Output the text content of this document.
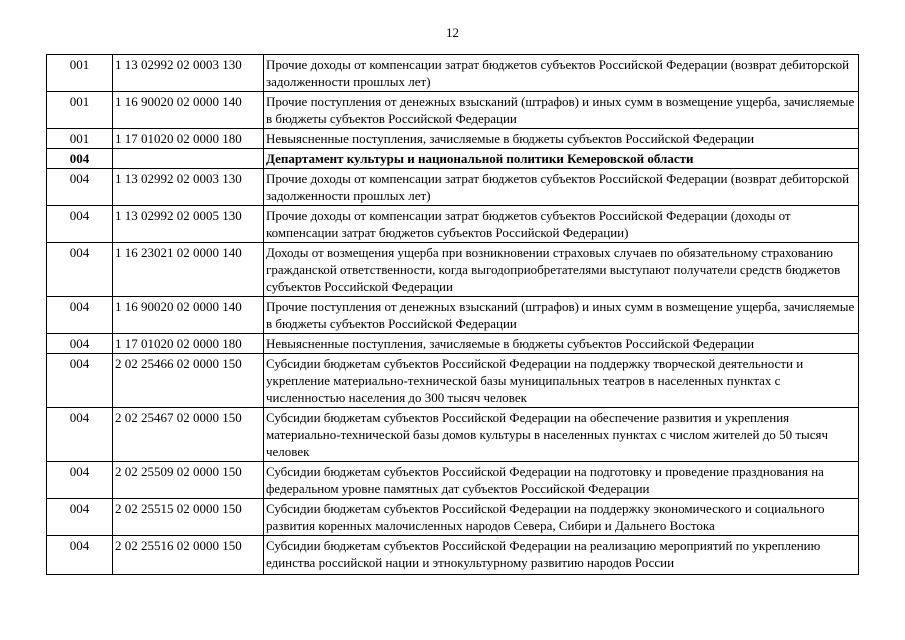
12
001	1 13 02992 02 0003 130	Прочие доходы от компенсации затрат бюджетов субъектов Российской Федерации (возврат дебиторской задолженности прошлых лет)
001	1 16 90020 02 0000 140	Прочие поступления от денежных взысканий (штрафов) и иных сумм в возмещение ущерба, зачисляемые в бюджеты субъектов Российской Федерации
001	1 17 01020 02 0000 180	Невыясненные поступления, зачисляемые в бюджеты субъектов Российской Федерации
004		Департамент культуры и национальной политики Кемеровской области
004	1 13 02992 02 0003 130	Прочие доходы от компенсации затрат бюджетов субъектов Российской Федерации (возврат дебиторской задолженности прошлых лет)
004	1 13 02992 02 0005 130	Прочие доходы от компенсации затрат бюджетов субъектов Российской Федерации (доходы от компенсации затрат бюджетов субъектов Российской Федерации)
004	1 16 23021 02 0000 140	Доходы от возмещения ущерба при возникновении страховых случаев по обязательному страхованию гражданской ответственности, когда выгодоприобретателями выступают получатели средств бюджетов субъектов Российской Федерации
004	1 16 90020 02 0000 140	Прочие поступления от денежных взысканий (штрафов) и иных сумм в возмещение ущерба, зачисляемые в бюджеты субъектов Российской Федерации
004	1 17 01020 02 0000 180	Невыясненные поступления, зачисляемые в бюджеты субъектов Российской Федерации
004	2 02 25466 02 0000 150	Субсидии бюджетам субъектов Российской Федерации на поддержку творческой деятельности и укрепление материально-технической базы муниципальных театров в населенных пунктах с численностью населения до 300 тысяч человек
004	2 02 25467 02 0000 150	Субсидии бюджетам субъектов Российской Федерации на обеспечение развития и укрепления материально-технической базы домов культуры в населенных пунктах с числом жителей до 50 тысяч человек
004	2 02 25509 02 0000 150	Субсидии бюджетам субъектов Российской Федерации на подготовку и проведение празднования на федеральном уровне памятных дат субъектов Российской Федерации
004	2 02 25515 02 0000 150	Субсидии бюджетам субъектов Российской Федерации на поддержку экономического и социального развития коренных малочисленных народов Севера, Сибири и Дальнего Востока
004	2 02 25516 02 0000 150	Субсидии бюджетам субъектов Российской Федерации на реализацию мероприятий по укреплению единства российской нации и этнокультурному развитию народов России
